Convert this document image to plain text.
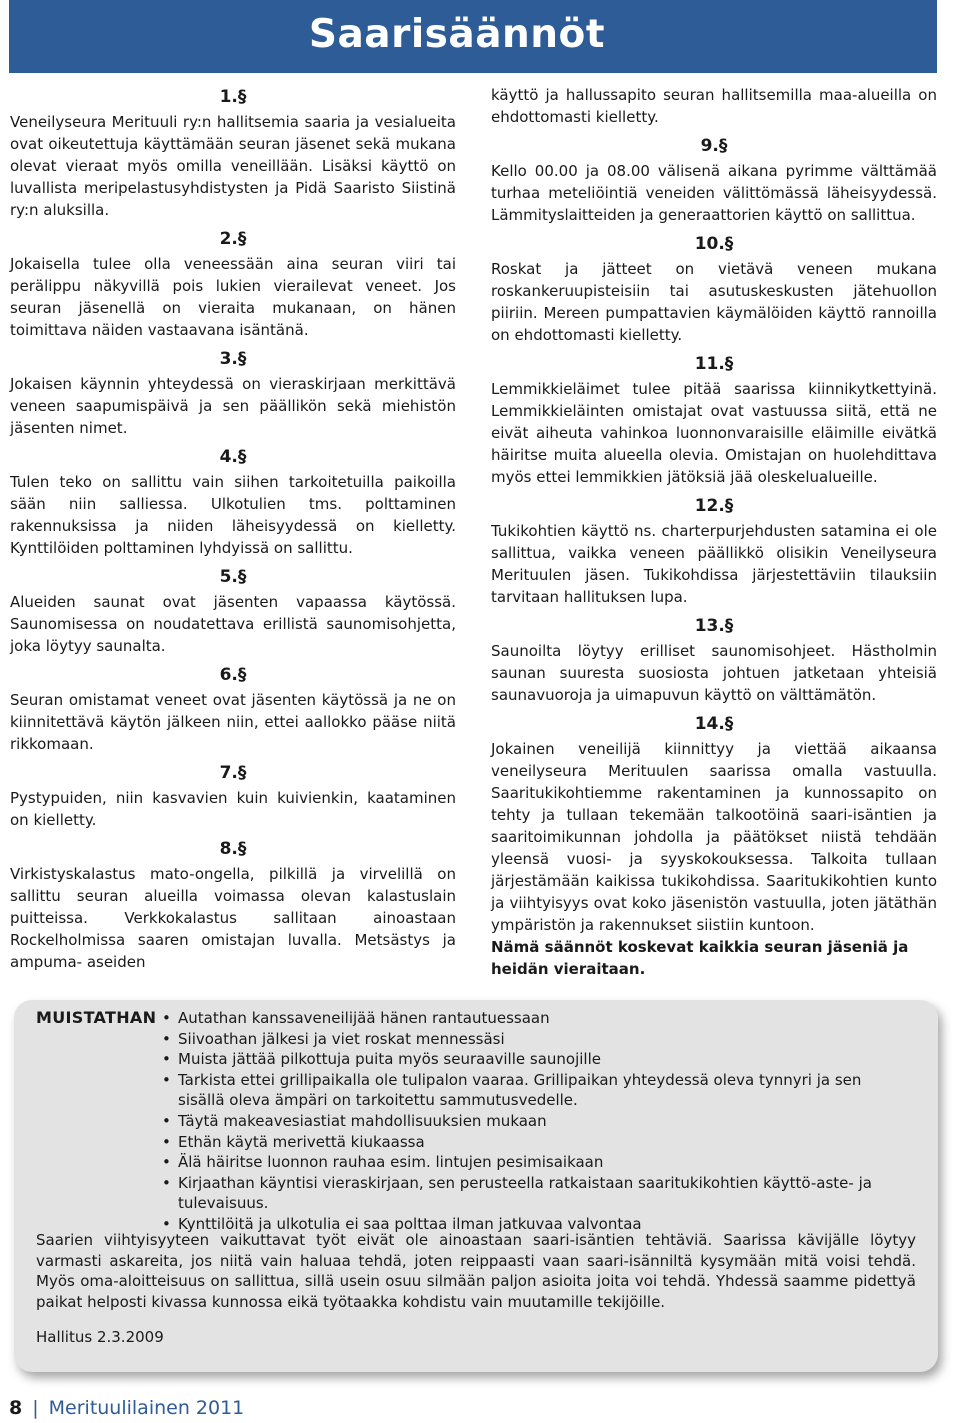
Saarisäännöt
1.§

Veneilyseura Merituuli ry:n hallitsemia saaria ja vesialueita ovat oikeutettuja käyttämään seuran jäsenet sekä mukana olevat vieraat myös omilla veneillään. Lisäksi käyttö on luvallista meripelastusyhdistysten ja Pidä Saaristo Siistinä ry:n aluksilla.

2.§

Jokaisella tulee olla veneessään aina seuran viiri tai perälippu näkyvillä pois lukien vierailevat veneet. Jos seuran jäsenellä on vieraita mukanaan, on hänen toimittava näiden vastaavana isäntänä.

3.§

Jokaisen käynnin yhteydessä on vieraskirjaan merkittävä veneen saapumispäivä ja sen päällikön sekä miehistön jäsenten nimet.

4.§

Tulen teko on sallittu vain siihen tarkoitetuilla paikoilla sään niin salliessa. Ulkotulien tms. polttaminen rakennuksissa ja niiden läheisyydessä on kielletty. Kynttilöiden polttaminen lyhdyissä on sallittu.

5.§

Alueiden saunat ovat jäsenten vapaassa käytössä. Saunomisessa on noudatettava erillistä saunomisohjetta, joka löytyy saunalta.

6.§

Seuran omistamat veneet ovat jäsenten käytössä ja ne on kiinnitettävä käytön jälkeen niin, ettei aallokko pääse niitä rikkomaan.

7.§

Pystypuiden, niin kasvavien kuin kuivienkin, kaataminen on kielletty.

8.§

Virkistyskalastus mato-ongella, pilkillä ja virvelillä on sallittu seuran alueilla voimassa olevan kalastuslain puitteissa. Verkkokalastus sallitaan ainoastaan Rockelholmissa saaren omistajan luvalla. Metsästys ja ampuma- aseiden

käyttö ja hallussapito seuran hallitsemilla maa-alueilla on ehdottomasti kielletty.

9.§

Kello 00.00 ja 08.00 välisenä aikana pyrimme välttämää turhaa meteliöintiä veneiden välittömässä läheisyydessä. Lämmityslaitteiden ja generaattorien käyttö on sallittua.

10.§

Roskat ja jätteet on vietävä veneen mukana roskankeruupisteisiin tai asutuskeskusten jätehuollon piiriin. Mereen pumpattavien käymälöiden käyttö rannoilla on ehdottomasti kielletty.

11.§

Lemmikkieläimet tulee pitää saarissa kiinnikytkettyinä. Lemmikkieläinten omistajat ovat vastuussa siitä, että ne eivät aiheuta vahinkoa luonnonvaraisille eläimille eivätkä häiritse muita alueella olevia. Omistajan on huolehdittava myös ettei lemmikkien jätöksiä jää oleskelualueille.

12.§

Tukikohtien käyttö ns. charterpurjehdusten satamina ei ole sallittua, vaikka veneen päällikkö olisikin Veneilyseura Merituulen jäsen. Tukikohdissa järjestettäviin tilauksiin tarvitaan hallituksen lupa.

13.§

Saunoilta löytyy erilliset saunomisohjeet. Hästholmin saunan suuresta suosiosta johtuen jatketaan yhteisiä saunavuoroja ja uimapuvun käyttö on välttämätön.

14.§

Jokainen veneilijä kiinnittyy ja viettää aikaansa veneilyseura Merituulen saarissa omalla vastuulla. Saaritukikohtiemme rakentaminen ja kunnossapito on tehty ja tullaan tekemään talkootöinä saari-isäntien ja saaritoimikunnan johdolla ja päätökset niistä tehdään yleensä vuosi- ja syyskokouksessa. Talkoita tullaan järjestämään kaikissa tukikohdissa. Saaritukikohtien kunto ja viihtyisyys ovat koko jäsenistön vastuulla, joten jätäthän ympäristön ja rakennukset siistiin kuntoon.

Nämä säännöt koskevat kaikkia seuran jäseniä ja heidän vieraitaan.

MUISTATHAN
•	Autathan kanssaveneilijää hänen rantautuessaan
• Siivoathan jälkesi ja viet roskat mennessäsi
• Muista jättää pilkottuja puita myös seuraaville saunojille
• Tarkista ettei grillipaikalla ole tulipalon vaaraa. Grillipaikan yhteydessä oleva tynnyri ja sen sisällä oleva ämpäri on tarkoitettu sammutusvedelle.
• Täytä makeavesiastiat mahdollisuuksien mukaan
• Ethän käytä merivettä kiukaassa
• Älä häiritse luonnon rauhaa esim. lintujen pesimisaikaan
• Kirjaathan käyntisi vieraskirjaan, sen perusteella ratkaistaan saaritukikohtien käyttö-aste- ja tulevaisuus.
• Kynttilöitä ja ulkotulia ei saa polttaa ilman jatkuvaa valvontaa

Saarien viihtyisyyteen vaikuttavat työt eivät ole ainoastaan saari-isäntien tehtäviä. Saarissa kävijälle löytyy varmasti askareita, jos niitä vain haluaa tehdä, joten reippaasti vaan saari-isänniltä kysymään mitä voisi tehdä. Myös oma-aloitteisuus on sallittua, sillä usein osuu silmään paljon asioita joita voi tehdä. Yhdessä saamme pidettyä paikat helposti kivassa kunnossa eikä työtaakka kohdistu vain muutamille tekijöille.

Hallitus 2.3.2009

8 | Merituulilainen 2011
